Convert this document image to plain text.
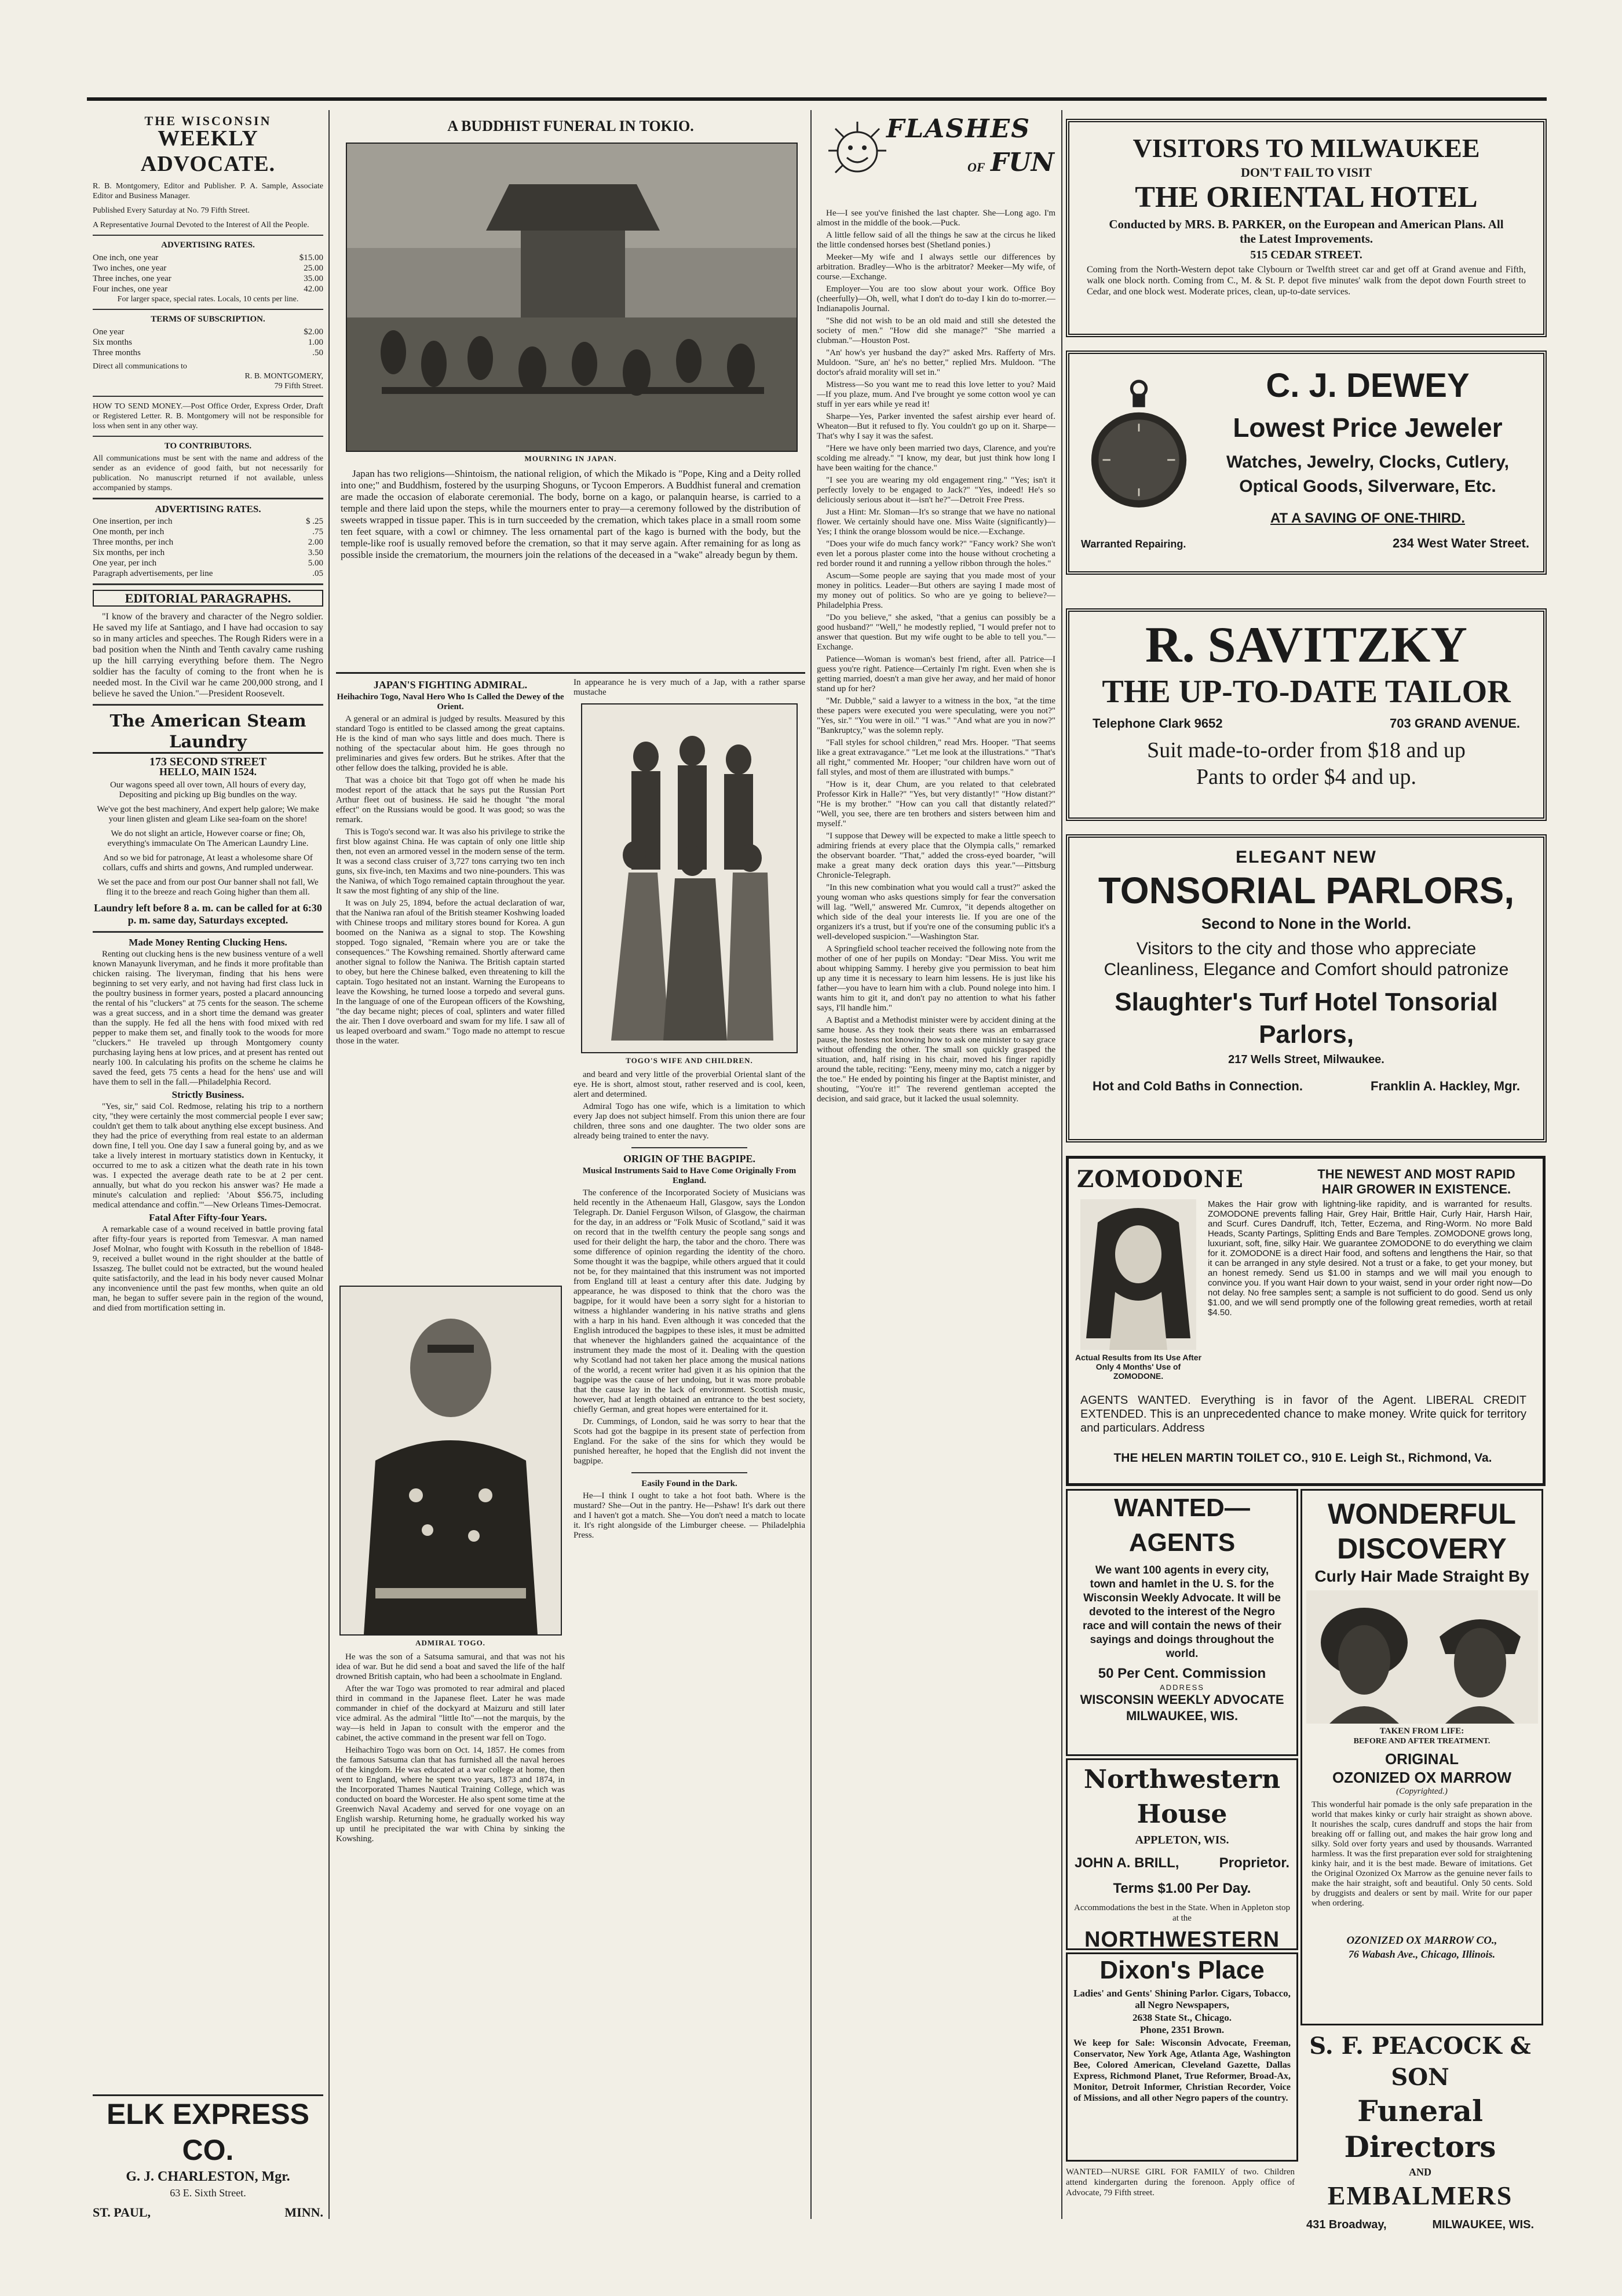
THE WISCONSIN
WEEKLY ADVOCATE.
R. B. Montgomery, Editor and Publisher. P. A. Sample, Associate Editor and Business Manager.
Published Every Saturday at No. 79 Fifth Street.
A Representative Journal Devoted to the Interest of All the People.
ADVERTISING RATES.
One inch, one year	$15.00
Two inches, one year	25.00
Three inches, one year	35.00
Four inches, one year	42.00
For larger space, special rates. Locals, 10 cents per line.
TERMS OF SUBSCRIPTION.
One year	$2.00
Six months	1.00
Three months	.50
Direct all communications to
R. B. MONTGOMERY,
79 Fifth Street.
HOW TO SEND MONEY.—Post Office Order, Express Order, Draft or Registered Letter. R. B. Montgomery will not be responsible for loss when sent in any other way.
TO CONTRIBUTORS.
All communications must be sent with the name and address of the sender as an evidence of good faith, but not necessarily for publication. No manuscript returned if not available, unless accompanied by stamps.
ADVERTISING RATES.
One insertion, per inch	$ .25
One month, per inch	.75
Three months, per inch	2.00
Six months, per inch	3.50
One year, per inch	5.00
Paragraph advertisements, per line	.05
EDITORIAL PARAGRAPHS.

"I know of the bravery and character of the Negro soldier. He saved my life at Santiago, and I have had occasion to say so in many articles and speeches. The Rough Riders were in a bad position when the Ninth and Tenth cavalry came rushing up the hill carrying everything before them. The Negro soldier has the faculty of coming to the front when he is needed most. In the Civil war he came 200,000 strong, and I believe he saved the Union."—President Roosevelt.

The American Steam Laundry
173 SECOND STREET
HELLO, MAIN 1524.
Our wagons speed all over town, All hours of every day, Depositing and picking up Big bundles on the way.
We've got the best machinery, And expert help galore; We make your linen glisten and gleam Like sea-foam on the shore!
We do not slight an article, However coarse or fine; Oh, everything's immaculate On The American Laundry Line.
And so we bid for patronage, At least a wholesome share Of collars, cuffs and shirts and gowns, And rumpled underwear.
We set the pace and from our post Our banner shall not fall, We fling it to the breeze and reach Going higher than them all.
Laundry left before 8 a. m. can be called for at 6:30 p. m. same day, Saturdays excepted.
Made Money Renting Clucking Hens.

Renting out clucking hens is the new business venture of a well known Manayunk liveryman, and he finds it more profitable than chicken raising. The liveryman, finding that his hens were beginning to set very early, and not having had first class luck in the poultry business in former years, posted a placard announcing the rental of his "cluckers" at 75 cents for the season. The scheme was a great success, and in a short time the demand was greater than the supply. He fed all the hens with food mixed with red pepper to make them set, and finally took to the woods for more "cluckers." He traveled up through Montgomery county purchasing laying hens at low prices, and at present has rented out nearly 100. In calculating his profits on the scheme he claims he saved the feed, gets 75 cents a head for the hens' use and will have them to sell in the fall.—Philadelphia Record.

Strictly Business.

"Yes, sir," said Col. Redmose, relating his trip to a northern city, "they were certainly the most commercial people I ever saw; couldn't get them to talk about anything else except business. And they had the price of everything from real estate to an alderman down fine, I tell you. One day I saw a funeral going by, and as we take a lively interest in mortuary statistics down in Kentucky, it occurred to me to ask a citizen what the death rate in his town was. I expected the average death rate to be at 2 per cent. annually, but what do you reckon his answer was? He made a minute's calculation and replied: 'About $56.75, including medical attendance and coffin.'"—New Orleans Times-Democrat.

Fatal After Fifty-four Years.

A remarkable case of a wound received in battle proving fatal after fifty-four years is reported from Temesvar. A man named Josef Molnar, who fought with Kossuth in the rebellion of 1848-9, received a bullet wound in the right shoulder at the battle of Issaszeg. The bullet could not be extracted, but the wound healed quite satisfactorily, and the lead in his body never caused Molnar any inconvenience until the past few months, when quite an old man, he began to suffer severe pain in the region of the wound, and died from mortification setting in.

ELK EXPRESS CO.
G. J. CHARLESTON, Mgr.
63 E. Sixth Street.
ST. PAUL,	MINN.
A BUDDHIST FUNERAL IN TOKIO.
MOURNING IN JAPAN.

Japan has two religions—Shintoism, the national religion, of which the Mikado is "Pope, King and a Deity rolled into one;" and Buddhism, fostered by the usurping Shoguns, or Tycoon Emperors. A Buddhist funeral and cremation are made the occasion of elaborate ceremonial. The body, borne on a kago, or palanquin hearse, is carried to a temple and there laid upon the steps, while the mourners enter to pray—a ceremony followed by the distribution of sweets wrapped in tissue paper. This is in turn succeeded by the cremation, which takes place in a small room some ten feet square, with a cowl or chimney. The less ornamental part of the kago is burned with the body, but the temple-like roof is usually removed before the cremation, so that it may serve again. After remaining for as long as possible inside the crematorium, the mourners join the relations of the deceased in a "wake" already begun by them.

JAPAN'S FIGHTING ADMIRAL.
Heihachiro Togo, Naval Hero Who Is Called the Dewey of the Orient.

A general or an admiral is judged by results. Measured by this standard Togo is entitled to be classed among the great captains. He is the kind of man who says little and does much. There is nothing of the spectacular about him. He goes through no preliminaries and gives few orders. But he strikes. After that the other fellow does the talking, provided he is able.

That was a choice bit that Togo got off when he made his modest report of the attack that he says put the Russian Port Arthur fleet out of business. He said he thought "the moral effect" on the Russians would be good. It was good; so was the remark.

This is Togo's second war. It was also his privilege to strike the first blow against China. He was captain of only one little ship then, not even an armored vessel in the modern sense of the term. It was a second class cruiser of 3,727 tons carrying two ten inch guns, six five-inch, ten Maxims and two nine-pounders. This was the Naniwa, of which Togo remained captain throughout the year. It saw the most fighting of any ship of the line.

It was on July 25, 1894, before the actual declaration of war, that the Naniwa ran afoul of the British steamer Koshwing loaded with Chinese troops and military stores bound for Korea. A gun boomed on the Naniwa as a signal to stop. The Kowshing stopped. Togo signaled, "Remain where you are or take the consequences." The Kowshing remained. Shortly afterward came another signal to follow the Naniwa. The British captain started to obey, but here the Chinese balked, even threatening to kill the captain. Togo hesitated not an instant. Warning the Europeans to leave the Kowshing, he turned loose a torpedo and several guns. In the language of one of the European officers of the Kowshing, "the day became night; pieces of coal, splinters and water filled the air. Then I dove overboard and swam for my life. I saw all of us leaped overboard and swam." Togo made no attempt to rescue those in the water.

ADMIRAL TOGO.

He was the son of a Satsuma samurai, and that was not his idea of war. But he did send a boat and saved the life of the half drowned British captain, who had been a schoolmate in England.

After the war Togo was promoted to rear admiral and placed third in command in the Japanese fleet. Later he was made commander in chief of the dockyard at Maizuru and still later vice admiral. As the admiral "little Ito"—not the marquis, by the way—is held in Japan to consult with the emperor and the cabinet, the active command in the present war fell on Togo.

Heihachiro Togo was born on Oct. 14, 1857. He comes from the famous Satsuma clan that has furnished all the naval heroes of the kingdom. He was educated at a war college at home, then went to England, where he spent two years, 1873 and 1874, in the Incorporated Thames Nautical Training College, which was conducted on board the Worcester. He also spent some time at the Greenwich Naval Academy and served for one voyage on an English warship. Returning home, he gradually worked his way up until he precipitated the war with China by sinking the Kowshing.

In appearance he is very much of a Jap, with a rather sparse mustache

TOGO'S WIFE AND CHILDREN.

and beard and very little of the proverbial Oriental slant of the eye. He is short, almost stout, rather reserved and is cool, keen, alert and determined.

Admiral Togo has one wife, which is a limitation to which every Jap does not subject himself. From this union there are four children, three sons and one daughter. The two older sons are already being trained to enter the navy.

ORIGIN OF THE BAGPIPE.
Musical Instruments Said to Have Come Originally From England.

The conference of the Incorporated Society of Musicians was held recently in the Athenaeum Hall, Glasgow, says the London Telegraph. Dr. Daniel Ferguson Wilson, of Glasgow, the chairman for the day, in an address or "Folk Music of Scotland," said it was on record that in the twelfth century the people sang songs and used for their delight the harp, the tabor and the choro. There was some difference of opinion regarding the identity of the choro. Some thought it was the bagpipe, while others argued that it could not be, for they maintained that this instrument was not imported from England till at least a century after this date. Judging by appearance, he was disposed to think that the choro was the bagpipe, for it would have been a sorry sight for a historian to witness a highlander wandering in his native straths and glens with a harp in his hand. Even although it was conceded that the English introduced the bagpipes to these isles, it must be admitted that whenever the highlanders gained the acquaintance of the instrument they made the most of it. Dealing with the question why Scotland had not taken her place among the musical nations of the world, a recent writer had given it as his opinion that the bagpipe was the cause of her undoing, but it was more probable that the cause lay in the lack of environment. Scottish music, however, had at length obtained an entrance to the best society, chiefly German, and great hopes were entertained for it.

Dr. Cummings, of London, said he was sorry to hear that the Scots had got the bagpipe in its present state of perfection from England. For the sake of the sins for which they would be punished hereafter, he hoped that the English did not invent the bagpipe.

Easily Found in the Dark.

He—I think I ought to take a hot foot bath. Where is the mustard? She—Out in the pantry. He—Pshaw! It's dark out there and I haven't got a match. She—You don't need a match to locate it. It's right alongside of the Limburger cheese. — Philadelphia Press.

FLASHES
OF FUN

He—I see you've finished the last chapter. She—Long ago. I'm almost in the middle of the book.—Puck.

A little fellow said of all the things he saw at the circus he liked the little condensed horses best (Shetland ponies.)

Meeker—My wife and I always settle our differences by arbitration. Bradley—Who is the arbitrator? Meeker—My wife, of course.—Exchange.

Employer—You are too slow about your work. Office Boy (cheerfully)—Oh, well, what I don't do to-day I kin do to-morrer.—Indianapolis Journal.

"She did not wish to be an old maid and still she detested the society of men." "How did she manage?" "She married a clubman."—Houston Post.

"An' how's yer husband the day?" asked Mrs. Rafferty of Mrs. Muldoon. "Sure, an' he's no better," replied Mrs. Muldoon. "The doctor's afraid morality will set in."

Mistress—So you want me to read this love letter to you? Maid—If you plaze, mum. And I've brought ye some cotton wool ye can stuff in yer ears while ye read it!

Sharpe—Yes, Parker invented the safest airship ever heard of. Wheaton—But it refused to fly. You couldn't go up on it. Sharpe—That's why I say it was the safest.

"Here we have only been married two days, Clarence, and you're scolding me already." "I know, my dear, but just think how long I have been waiting for the chance."

"I see you are wearing my old engagement ring." "Yes; isn't it perfectly lovely to be engaged to Jack?" "Yes, indeed! He's so deliciously serious about it—isn't he?"—Detroit Free Press.

Just a Hint: Mr. Sloman—It's so strange that we have no national flower. We certainly should have one. Miss Waite (significantly)—Yes; I think the orange blossom would be nice.—Exchange.

"Does your wife do much fancy work?" "Fancy work? She won't even let a porous plaster come into the house without crocheting a red border round it and running a yellow ribbon through the holes."

Ascum—Some people are saying that you made most of your money in politics. Leader—But others are saying I made most of my money out of politics. So who are ye going to believe?—Philadelphia Press.

"Do you believe," she asked, "that a genius can possibly be a good husband?" "Well," he modestly replied, "I would prefer not to answer that question. But my wife ought to be able to tell you."—Exchange.

Patience—Woman is woman's best friend, after all. Patrice—I guess you're right. Patience—Certainly I'm right. Even when she is getting married, doesn't a man give her away, and her maid of honor stand up for her?

"Mr. Dubble," said a lawyer to a witness in the box, "at the time these papers were executed you were speculating, were you not?" "Yes, sir." "You were in oil." "I was." "And what are you in now?" "Bankruptcy," was the solemn reply.

"Fall styles for school children," read Mrs. Hooper. "That seems like a great extravagance." "Let me look at the illustrations." "That's all right," commented Mr. Hooper; "our children have worn out of fall styles, and most of them are illustrated with bumps."

"How is it, dear Chum, are you related to that celebrated Professor Kirk in Halle?" "Yes, but very distantly!" "How distant?" "He is my brother." "How can you call that distantly related?" "Well, you see, there are ten brothers and sisters between him and myself."

"I suppose that Dewey will be expected to make a little speech to admiring friends at every place that the Olympia calls," remarked the observant boarder. "That," added the cross-eyed boarder, "will make a great many deck oration days this year."—Pittsburg Chronicle-Telegraph.

"In this new combination what you would call a trust?" asked the young woman who asks questions simply for fear the conversation will lag. "Well," answered Mr. Cumrox, "it depends altogether on which side of the deal your interests lie. If you are one of the organizers it's a trust, but if you're one of the consuming public it's a well-developed suspicion."—Washington Star.

A Springfield school teacher received the following note from the mother of one of her pupils on Monday: "Dear Miss. You writ me about whipping Sammy. I hereby give you permission to beat him up any time it is necessary to learn him lessens. He is just like his father—you have to learn him with a club. Pound nolege into him. I wants him to git it, and don't pay no attention to what his father says, I'll handle him."

A Baptist and a Methodist minister were by accident dining at the same house. As they took their seats there was an embarrassed pause, the hostess not knowing how to ask one minister to say grace without offending the other. The small son quickly grasped the situation, and, half rising in his chair, moved his finger rapidly around the table, reciting: "Eeny, meeny miny mo, catch a nigger by the toe." He ended by pointing his finger at the Baptist minister, and shouting, "You're it!" The reverend gentleman accepted the decision, and said grace, but it lacked the usual solemnity.

VISITORS TO MILWAUKEE
DON'T FAIL TO VISIT
THE ORIENTAL HOTEL
Conducted by MRS. B. PARKER, on the European and American Plans. All the Latest Improvements.
515 CEDAR STREET.
Coming from the North-Western depot take Clybourn or Twelfth street car and get off at Grand avenue and Fifth, walk one block north. Coming from C., M. & St. P. depot five minutes' walk from the depot down Fourth street to Cedar, and one block west. Moderate prices, clean, up-to-date services.
C. J. DEWEY
Lowest Price Jeweler
Watches, Jewelry, Clocks, Cutlery, Optical Goods, Silverware, Etc.
AT A SAVING OF ONE-THIRD.
Warranted Repairing.	234 West Water Street.
R. SAVITZKY
THE UP-TO-DATE TAILOR
Telephone Clark 9652	703 GRAND AVENUE.
Suit made-to-order from $18 and up
Pants to order $4 and up.
ELEGANT NEW
TONSORIAL PARLORS,
Second to None in the World.
Visitors to the city and those who appreciate Cleanliness, Elegance and Comfort should patronize
Slaughter's Turf Hotel Tonsorial Parlors,
217 Wells Street, Milwaukee.
Hot and Cold Baths in Connection.	Franklin A. Hackley, Mgr.
ZOMODONE	THE NEWEST AND MOST RAPID HAIR GROWER IN EXISTENCE.
Actual Results from Its Use After Only 4 Months' Use of ZOMODONE.
Makes the Hair grow with lightning-like rapidity, and is warranted for results. ZOMODONE prevents falling Hair, Grey Hair, Brittle Hair, Curly Hair, Harsh Hair, and Scurf. Cures Dandruff, Itch, Tetter, Eczema, and Ring-Worm. No more Bald Heads, Scanty Partings, Splitting Ends and Bare Temples. ZOMODONE grows long, luxuriant, soft, fine, silky Hair. We guarantee ZOMODONE to do everything we claim for it. ZOMODONE is a direct Hair food, and softens and lengthens the Hair, so that it can be arranged in any style desired. Not a trust or a fake, to get your money, but an honest remedy. Send us $1.00 in stamps and we will mail you enough to convince you. If you want Hair down to your waist, send in your order right now—Do not delay. No free samples sent; a sample is not sufficient to do good. Send us only $1.00, and we will send promptly one of the following great remedies, worth at retail $4.50.
AGENTS WANTED. Everything is in favor of the Agent. LIBERAL CREDIT EXTENDED. This is an unprecedented chance to make money. Write quick for territory and particulars. Address
THE HELEN MARTIN TOILET CO., 910 E. Leigh St., Richmond, Va.
WANTED—AGENTS
We want 100 agents in every city, town and hamlet in the U. S. for the Wisconsin Weekly Advocate. It will be devoted to the interest of the Negro race and will contain the news of their sayings and doings throughout the world.
50 Per Cent. Commission
ADDRESS
WISCONSIN WEEKLY ADVOCATE
MILWAUKEE, WIS.
Northwestern House
APPLETON, WIS.
JOHN A. BRILL,	Proprietor.
Terms $1.00 Per Day.
Accommodations the best in the State. When in Appleton stop at the
NORTHWESTERN
Dixon's Place
Ladies' and Gents' Shining Parlor. Cigars, Tobacco, all Negro Newspapers,
2638 State St., Chicago.
Phone, 2351 Brown.
We keep for Sale: Wisconsin Advocate, Freeman, Conservator, New York Age, Atlanta Age, Washington Bee, Colored American, Cleveland Gazette, Dallas Express, Richmond Planet, True Reformer, Broad-Ax, Monitor, Detroit Informer, Christian Recorder, Voice of Missions, and all other Negro papers of the country.
WANTED—NURSE GIRL FOR FAMILY of two. Children attend kindergarten during the forenoon. Apply office of Advocate, 79 Fifth street.
WONDERFUL
DISCOVERY
Curly Hair Made Straight By
TAKEN FROM LIFE:
BEFORE AND AFTER TREATMENT.
ORIGINAL
OZONIZED OX MARROW
(Copyrighted.)
This wonderful hair pomade is the only safe preparation in the world that makes kinky or curly hair straight as shown above. It nourishes the scalp, cures dandruff and stops the hair from breaking off or falling out, and makes the hair grow long and silky. Sold over forty years and used by thousands. Warranted harmless. It was the first preparation ever sold for straightening kinky hair, and it is the best made. Beware of imitations. Get the Original Ozonized Ox Marrow as the genuine never fails to make the hair straight, soft and beautiful. Only 50 cents. Sold by druggists and dealers or sent by mail. Write for our paper when ordering.
OZONIZED OX MARROW CO.,
76 Wabash Ave., Chicago, Illinois.
S. F. PEACOCK & SON
Funeral Directors
AND
EMBALMERS
431 Broadway,	MILWAUKEE, WIS.
